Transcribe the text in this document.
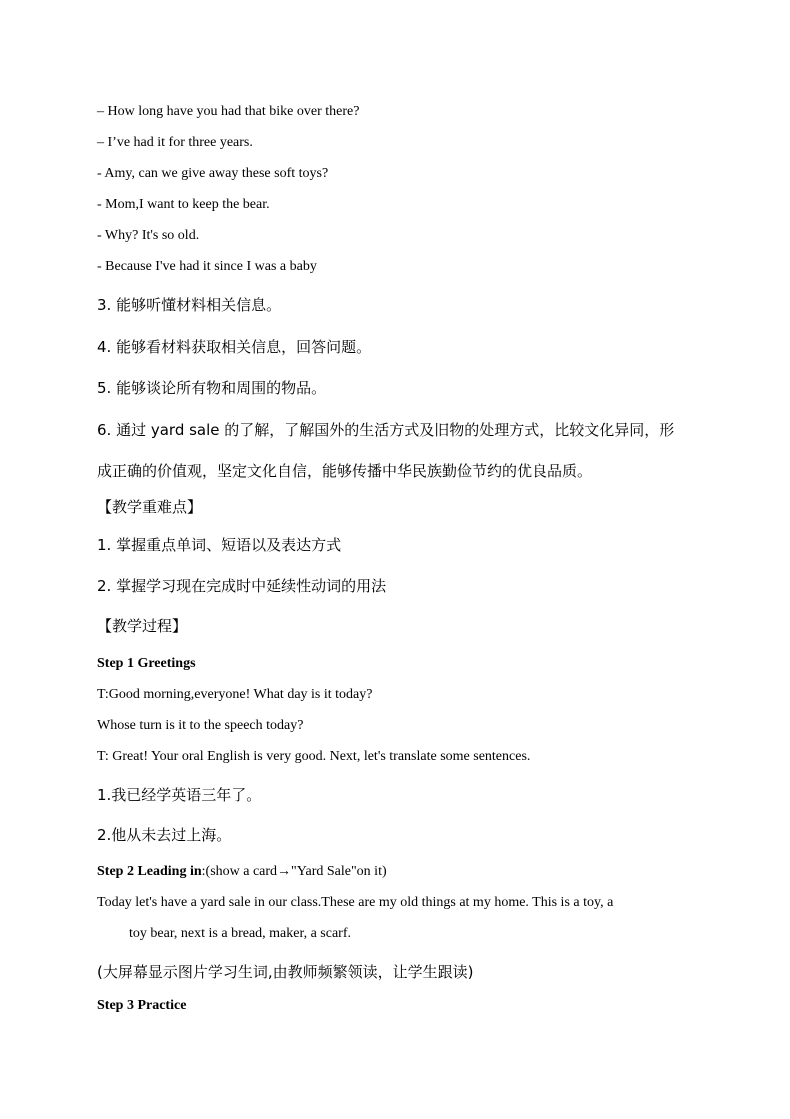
– How long have you had that bike over there?
– I’ve had it for three years.
- Amy, can we give away these soft toys?
- Mom,I want to keep the bear.
- Why? It's so old.
- Because I've had it since I was a baby
3. 能够听懂材料相关信息。
4. 能够看材料获取相关信息，回答问题。
5. 能够谈论所有物和周围的物品。
6. 通过 yard sale 的了解，了解国外的生活方式及旧物的处理方式，比较文化异同，形
成正确的价值观，坚定文化自信，能够传播中华民族勤俭节约的优良品质。
【教学重难点】
1. 掌握重点单词、短语以及表达方式
2. 掌握学习现在完成时中延续性动词的用法
【教学过程】
Step 1 Greetings
T:Good morning,everyone! What day is it today?
Whose turn is it to the speech today?
T: Great! Your oral English is very good. Next, let's translate some sentences.
1.我已经学英语三年了。
2.他从未去过上海。
Step 2 Leading in:(show a card→"Yard Sale"on it)
Today let's have a yard sale in our class.These are my old things at my home. This is a toy, a
toy bear, next is a bread, maker, a scarf.
(大屏幕显示图片学习生词,由教师频繁领读，让学生跟读)
Step 3 Practice
